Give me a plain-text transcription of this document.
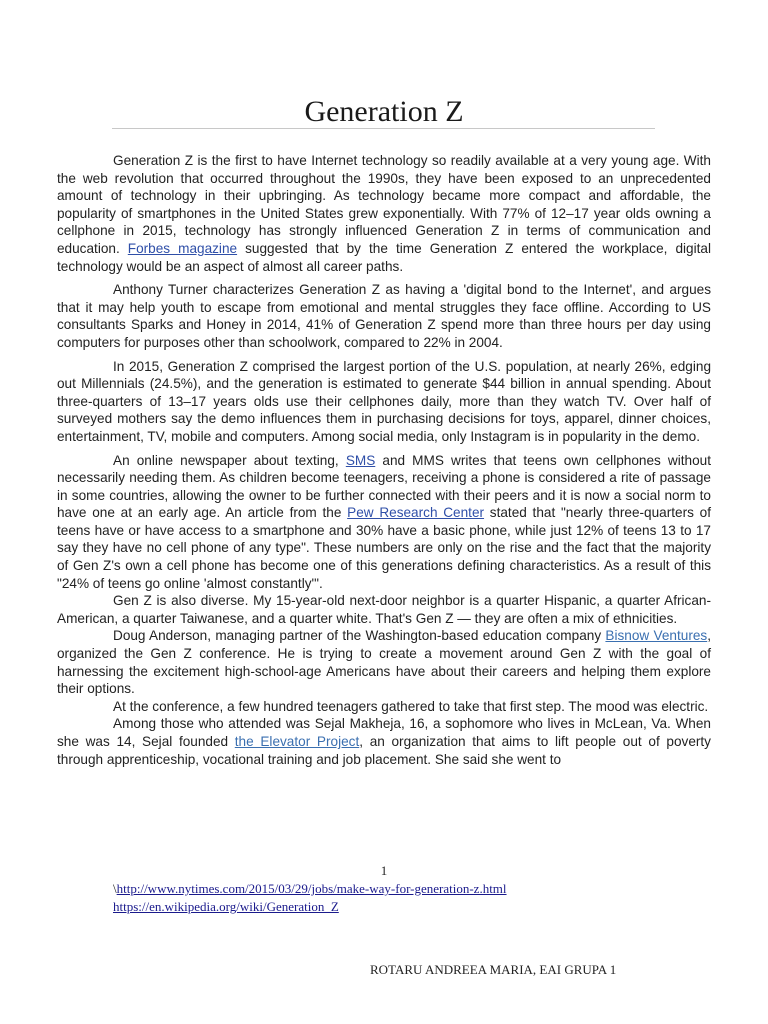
Generation Z

Generation Z is the first to have Internet technology so readily available at a very young age. With the web revolution that occurred throughout the 1990s, they have been exposed to an unprecedented amount of technology in their upbringing. As technology became more compact and affordable, the popularity of smartphones in the United States grew exponentially. With 77% of 12–17 year olds owning a cellphone in 2015, technology has strongly influenced Generation Z in terms of communication and education. Forbes magazine suggested that by the time Generation Z entered the workplace, digital technology would be an aspect of almost all career paths.

Anthony Turner characterizes Generation Z as having a 'digital bond to the Internet', and argues that it may help youth to escape from emotional and mental struggles they face offline. According to US consultants Sparks and Honey in 2014, 41% of Generation Z spend more than three hours per day using computers for purposes other than schoolwork, compared to 22% in 2004.

In 2015, Generation Z comprised the largest portion of the U.S. population, at nearly 26%, edging out Millennials (24.5%), and the generation is estimated to generate $44 billion in annual spending. About three-quarters of 13–17 years olds use their cellphones daily, more than they watch TV. Over half of surveyed mothers say the demo influences them in purchasing decisions for toys, apparel, dinner choices, entertainment, TV, mobile and computers. Among social media, only Instagram is in popularity in the demo.

An online newspaper about texting, SMS and MMS writes that teens own cellphones without necessarily needing them. As children become teenagers, receiving a phone is considered a rite of passage in some countries, allowing the owner to be further connected with their peers and it is now a social norm to have one at an early age. An article from the Pew Research Center stated that "nearly three-quarters of teens have or have access to a smartphone and 30% have a basic phone, while just 12% of teens 13 to 17 say they have no cell phone of any type". These numbers are only on the rise and the fact that the majority of Gen Z's own a cell phone has become one of this generations defining characteristics. As a result of this "24% of teens go online 'almost constantly'".

Gen Z is also diverse. My 15-year-old next-door neighbor is a quarter Hispanic, a quarter African-American, a quarter Taiwanese, and a quarter white. That's Gen Z — they are often a mix of ethnicities.

Doug Anderson, managing partner of the Washington-based education company Bisnow Ventures, organized the Gen Z conference. He is trying to create a movement around Gen Z with the goal of harnessing the excitement high-school-age Americans have about their careers and helping them explore their options.

At the conference, a few hundred teenagers gathered to take that first step. The mood was electric.

Among those who attended was Sejal Makheja, 16, a sophomore who lives in McLean, Va. When she was 14, Sejal founded the Elevator Project, an organization that aims to lift people out of poverty through apprenticeship, vocational training and job placement. She said she went to

1
\http://www.nytimes.com/2015/03/29/jobs/make-way-for-generation-z.html
https://en.wikipedia.org/wiki/Generation_Z
ROTARU ANDREEA MARIA, EAI GRUPA 1
